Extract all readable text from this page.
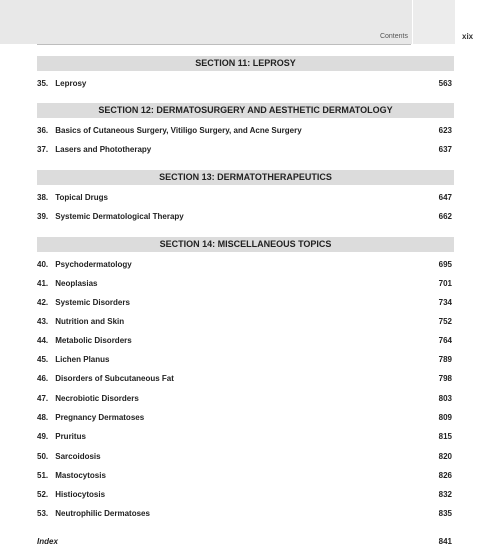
Contents	xix
SECTION 11: LEPROSY
35. Leprosy	563
SECTION 12: DERMATOSURGERY AND AESTHETIC DERMATOLOGY
36. Basics of Cutaneous Surgery, Vitiligo Surgery, and Acne Surgery	623
37. Lasers and Phototherapy	637
SECTION 13: DERMATOTHERAPEUTICS
38. Topical Drugs	647
39. Systemic Dermatological Therapy	662
SECTION 14: MISCELLANEOUS TOPICS
40. Psychodermatology	695
41. Neoplasias	701
42. Systemic Disorders	734
43. Nutrition and Skin	752
44. Metabolic Disorders	764
45. Lichen Planus	789
46. Disorders of Subcutaneous Fat	798
47. Necrobiotic Disorders	803
48. Pregnancy Dermatoses	809
49. Pruritus	815
50. Sarcoidosis	820
51. Mastocytosis	826
52. Histiocytosis	832
53. Neutrophilic Dermatoses	835
Index	841
